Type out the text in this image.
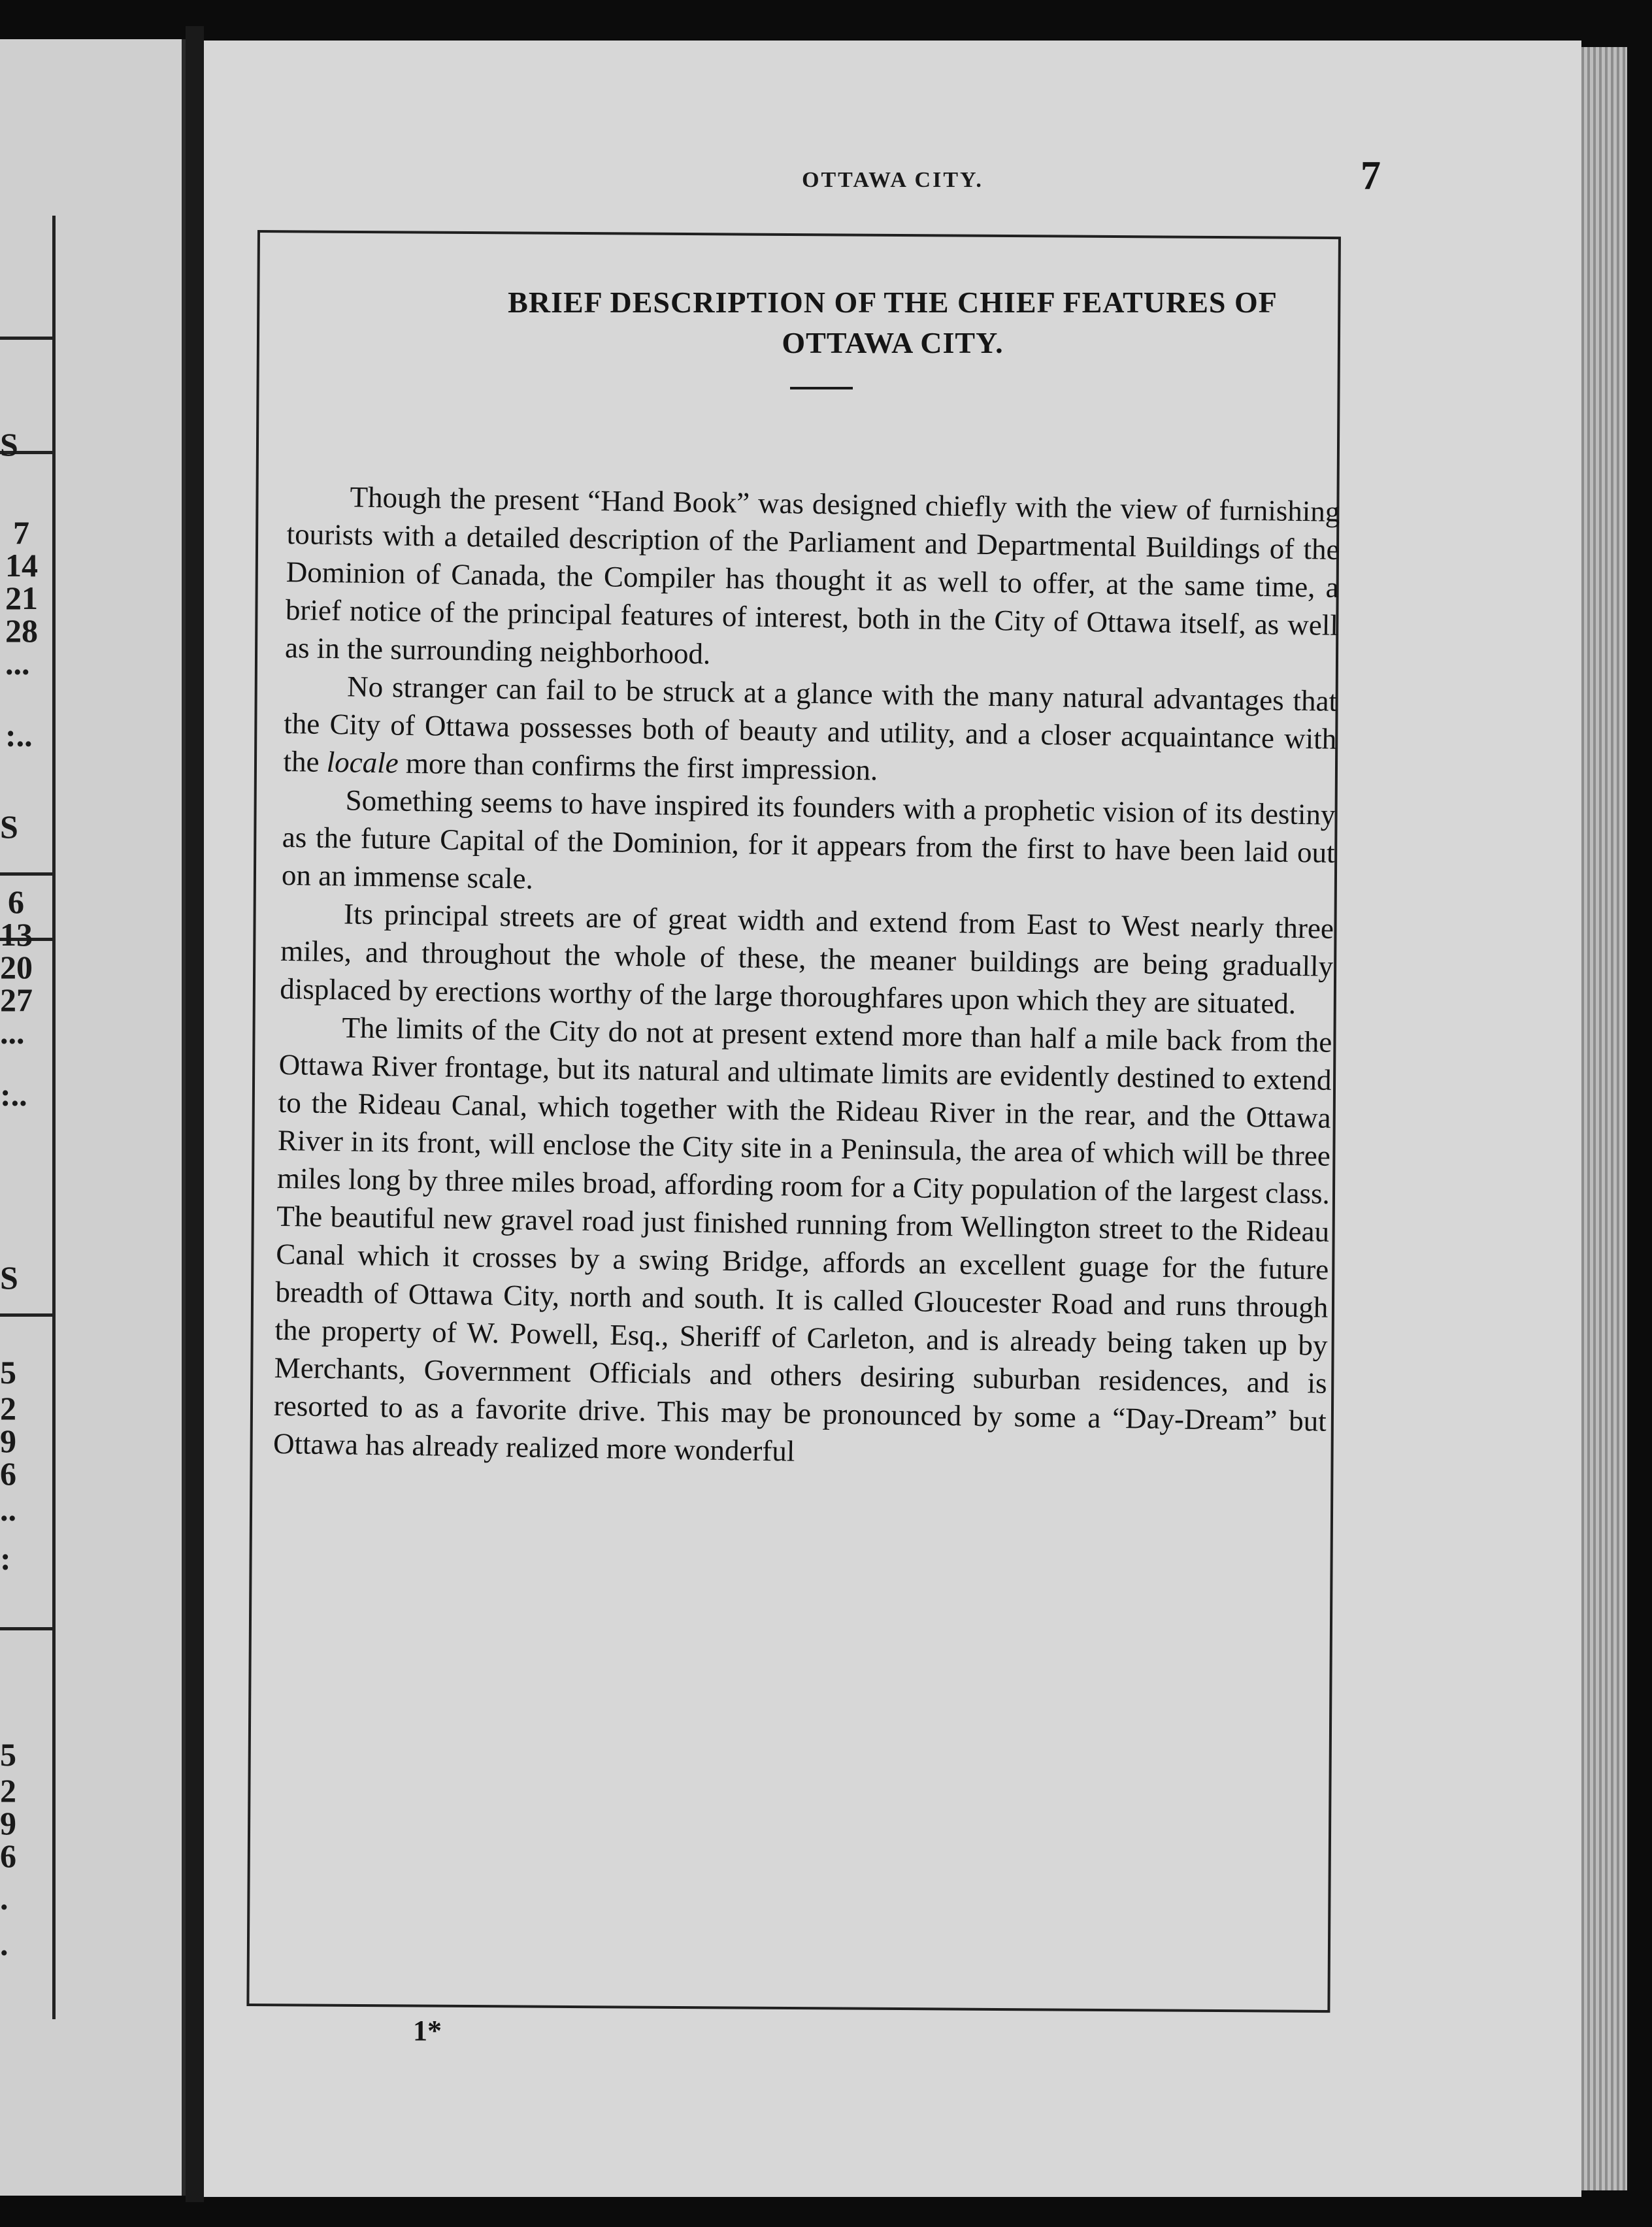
S
7
14
21
28
...
:..
S
6
13
20
27
...
:..
S
5
2
9
6
..
:
5
2
9
6
.
.
OTTAWA CITY.	7
BRIEF DESCRIPTION OF THE CHIEF FEATURES OF
OTTAWA CITY.

Though the present “Hand Book” was designed chiefly with the view of furnishing tourists with a detailed description of the Parliament and Departmental Buildings of the Dominion of Canada, the Compiler has thought it as well to offer, at the same time, a brief notice of the principal features of interest, both in the City of Ottawa itself, as well as in the surrounding neighborhood.

No stranger can fail to be struck at a glance with the many natural advantages that the City of Ottawa possesses both of beauty and utility, and a closer acquaintance with the locale more than confirms the first impression.

Something seems to have inspired its founders with a prophetic vision of its destiny as the future Capital of the Dominion, for it appears from the first to have been laid out on an immense scale.

Its principal streets are of great width and extend from East to West nearly three miles, and throughout the whole of these, the meaner buildings are being gradually displaced by erections worthy of the large thoroughfares upon which they are situated.

The limits of the City do not at present extend more than half a mile back from the Ottawa River frontage, but its natural and ultimate limits are evidently destined to extend to the Rideau Canal, which together with the Rideau River in the rear, and the Ottawa River in its front, will enclose the City site in a Peninsula, the area of which will be three miles long by three miles broad, affording room for a City population of the largest class. The beautiful new gravel road just finished running from Wellington street to the Rideau Canal which it crosses by a swing Bridge, affords an excellent guage for the future breadth of Ottawa City, north and south. It is called Gloucester Road and runs through the property of W. Powell, Esq., Sheriff of Carleton, and is already being taken up by Merchants, Government Officials and others desiring suburban residences, and is resorted to as a favorite drive. This may be pronounced by some a “Day-Dream” but Ottawa has already realized more wonderful

1*
